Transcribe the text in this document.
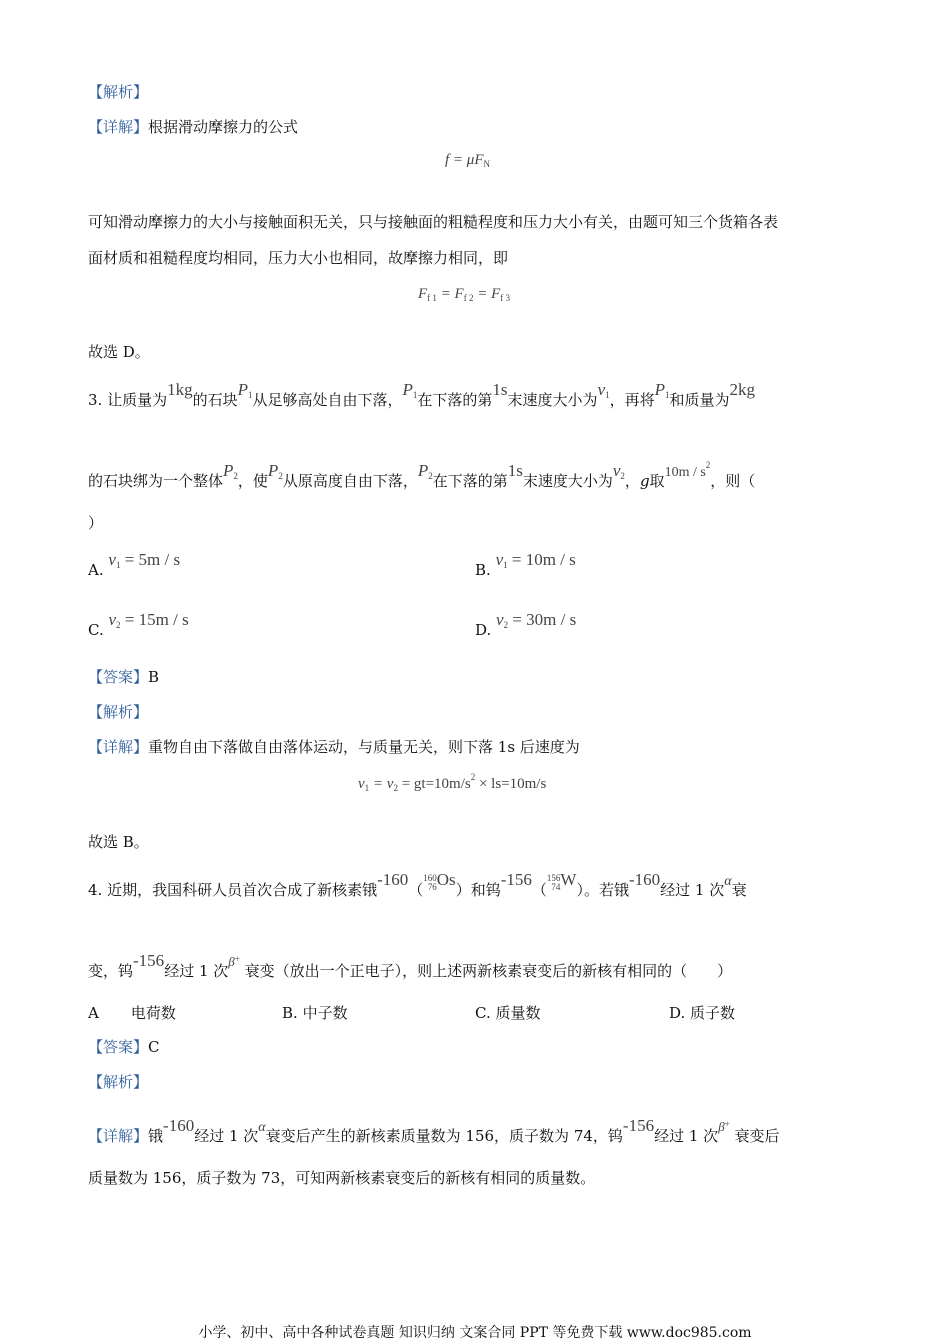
【解析】
【详解】根据滑动摩擦力的公式
$f = \mu F_N$
可知滑动摩擦力的大小与接触面积无关，只与接触面的粗糙程度和压力大小有关，由题可知三个货箱各表
面材质和祖糙程度均相同，压力大小也相同，故摩擦力相同，即
$F_{f 1} = F_{f 2} = F_{f 3}$
故选 D。
3. 让质量为1kg的石块$P_1$从足够高处自由下落，$P_1$在下落的第1s末速度大小为$v_1$，再将$P_1$和质量为2kg
的石块绑为一个整体$P_2$，使$P_2$从原高度自由下落，$P_2$在下落的第1s末速度大小为$v_2$，g取$10m / s^2$，则（
）
A. $v_1 = 5m / s$
B. $v_1 = 10m / s$
C. $v_2 = 15m / s$
D. $v_2 = 30m / s$
【答案】B
【解析】
【详解】重物自由下落做自由落体运动，与质量无关，则下落 1s 后速度为
$v_1 = v_2 = gt=10m/s^2 \times ls=10m/s$
故选 B。
4. 近期，我国科研人员首次合成了新核素锇-160（160
76Os）和钨-156（156
74W）。若锇-160经过 1 次α衰
变，钨-156经过 1 次β+ 衰变（放出一个正电子），则上述两新核素衰变后的新核有相同的（　　）
A 电荷数	B. 中子数	C. 质量数	D. 质子数
【答案】C
【解析】
【详解】锇-160经过 1 次α衰变后产生的新核素质量数为 156，质子数为 74，钨-156经过 1 次β+ 衰变后
质量数为 156，质子数为 73，可知两新核素衰变后的新核有相同的质量数。
小学、初中、高中各种试卷真题 知识归纳 文案合同 PPT 等免费下载 www.doc985.com
